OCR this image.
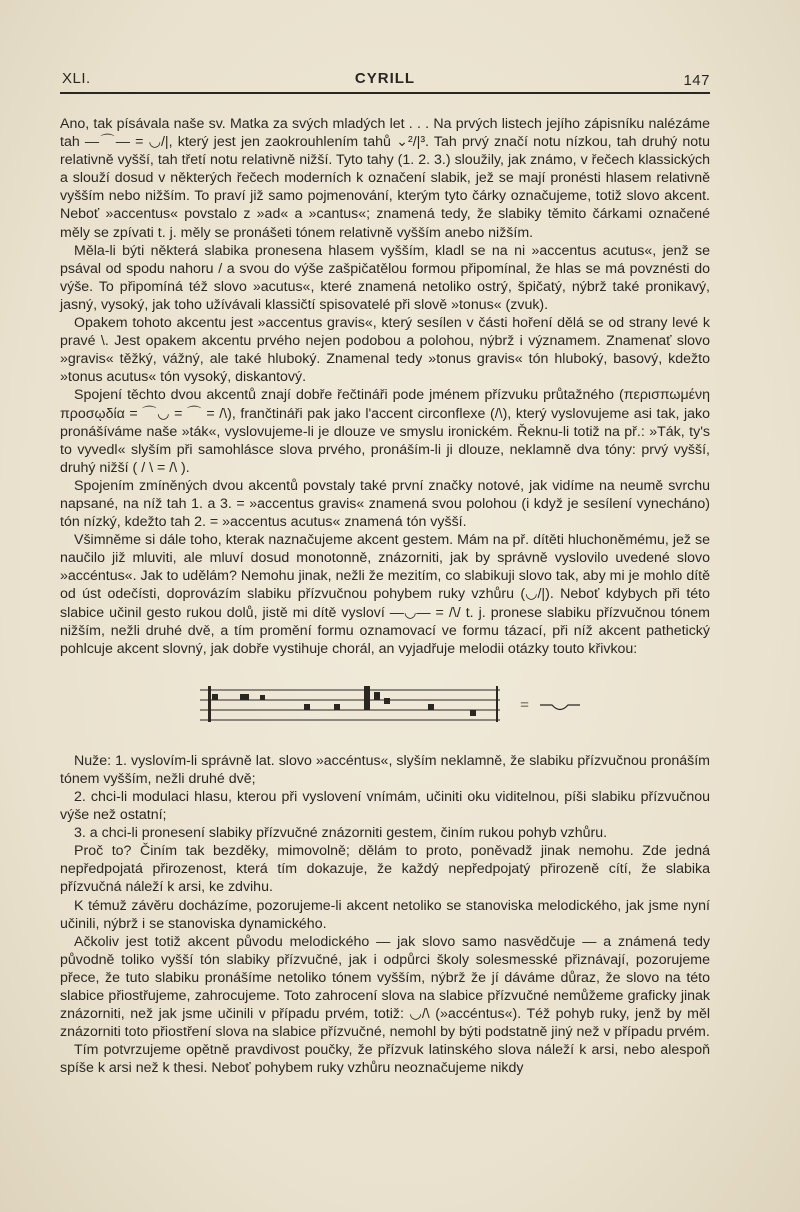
XLI.	CYRILL	147

Ano, tak písávala naše sv. Matka za svých mladých let . . . Na prvých listech jejího zápisníku nalézáme tah —⌒— = ◡/|, který jest jen zaokrouhlením tahů ⌄²/|³. Tah prvý značí notu nízkou, tah druhý notu relativně vyšší, tah třetí notu relativně nižší. Tyto tahy (1. 2. 3.) sloužily, jak známo, v řečech klassických a slouží dosud v některých řečech moderních k označení slabik, jež se mají pronésti hlasem relativně vyšším nebo nižším. To praví již samo pojmenování, kterým tyto čárky označujeme, totiž slovo akcent. Neboť »accentus« povstalo z »ad« a »cantus«; znamená tedy, že slabiky těmito čárkami označené měly se zpívati t. j. měly se pronášeti tónem relativně vyšším anebo nižším.

Měla-li býti některá slabika pronesena hlasem vyšším, kladl se na ni »accentus acutus«, jenž se psával od spodu nahoru / a svou do výše zašpičatělou formou připomínal, že hlas se má povznésti do výše. To připomíná též slovo »acutus«, které znamená netoliko ostrý, špičatý, nýbrž také pronikavý, jasný, vysoký, jak toho užívávali klassičtí spisovatelé při slově »tonus« (zvuk).

Opakem tohoto akcentu jest »accentus gravis«, který sesílen v části hoření dělá se od strany levé k pravé \. Jest opakem akcentu prvého nejen podobou a polohou, nýbrž i významem. Znamenať slovo »gravis« těžký, vážný, ale také hluboký. Znamenal tedy »tonus gravis« tón hluboký, basový, kdežto »tonus acutus« tón vysoký, diskantový.

Spojení těchto dvou akcentů znají dobře řečtináři pode jménem přízvuku průtažného (περισπωμένη προσῳδία = ⌒◡ = ⌒ = /\), frančtináři pak jako l'accent circonflexe (/\), který vyslovujeme asi tak, jako pronášíváme naše »ták«, vyslovujeme-li je dlouze ve smyslu ironickém. Řeknu-li totiž na př.: »Ták, ty's to vyvedl« slyším při samohlásce slova prvého, pronáším-li ji dlouze, neklamně dva tóny: prvý vyšší, druhý nižší ( / \ = /\ ).

Spojením zmíněných dvou akcentů povstaly také první značky notové, jak vidíme na neumě svrchu napsané, na níž tah 1. a 3. = »accentus gravis« znamená svou polohou (i když je sesílení vynecháno) tón nízký, kdežto tah 2. = »accentus acutus« znamená tón vyšší.

Všimněme si dále toho, kterak naznačujeme akcent gestem. Mám na př. dítěti hluchoněmému, jež se naučilo již mluviti, ale mluví dosud monotonně, znázorniti, jak by správně vyslovilo uvedené slovo »accéntus«. Jak to udělám? Nemohu jinak, nežli že mezitím, co slabikuji slovo tak, aby mi je mohlo dítě od úst odečísti, doprovázím slabiku přízvučnou pohybem ruky vzhůru (◡/|). Neboť kdybych při této slabice učinil gesto rukou dolů, jistě mi dítě vysloví —◡— = /\/ t. j. pronese slabiku přízvučnou tónem nižším, nežli druhé dvě, a tím promění formu oznamovací ve formu tázací, při níž akcent pathetický pohlcuje akcent slovný, jak dobře vystihuje chorál, an vyjadřuje melodii otázky touto křivkou:

=

Nuže: 1. vyslovím-li správně lat. slovo »accéntus«, slyším neklamně, že slabiku přízvučnou pronáším tónem vyšším, nežli druhé dvě;

2. chci-li modulaci hlasu, kterou při vyslovení vnímám, učiniti oku viditelnou, píši slabiku přízvučnou výše než ostatní;

3. a chci-li pronesení slabiky přízvučné znázorniti gestem, činím rukou pohyb vzhůru.

Proč to? Činím tak bezděky, mimovolně; dělám to proto, poněvadž jinak nemohu. Zde jedná nepředpojatá přirozenost, která tím dokazuje, že každý nepředpojatý přirozeně cítí, že slabika přízvučná náleží k arsi, ke zdvihu.

K témuž závěru docházíme, pozorujeme-li akcent netoliko se stanoviska melodického, jak jsme nyní učinili, nýbrž i se stanoviska dynamického.

Ačkoliv jest totiž akcent původu melodického — jak slovo samo nasvědčuje — a známená tedy původně toliko vyšší tón slabiky přízvučné, jak i odpůrci školy solesmesské přiznávají, pozorujeme přece, že tuto slabiku pronášíme netoliko tónem vyšším, nýbrž že jí dáváme důraz, že slovo na této slabice přiostřujeme, zahrocujeme. Toto zahrocení slova na slabice přízvučné nemůžeme graficky jinak znázorniti, než jak jsme učinili v případu prvém, totiž: ◡/\ (»accéntus«). Též pohyb ruky, jenž by měl znázorniti toto přiostření slova na slabice přízvučné, nemohl by býti podstatně jiný než v případu prvém.

Tím potvrzujeme opětně pravdivost poučky, že přízvuk latinského slova náleží k arsi, nebo alespoň spíše k arsi než k thesi. Neboť pohybem ruky vzhůru neoznačujeme nikdy
